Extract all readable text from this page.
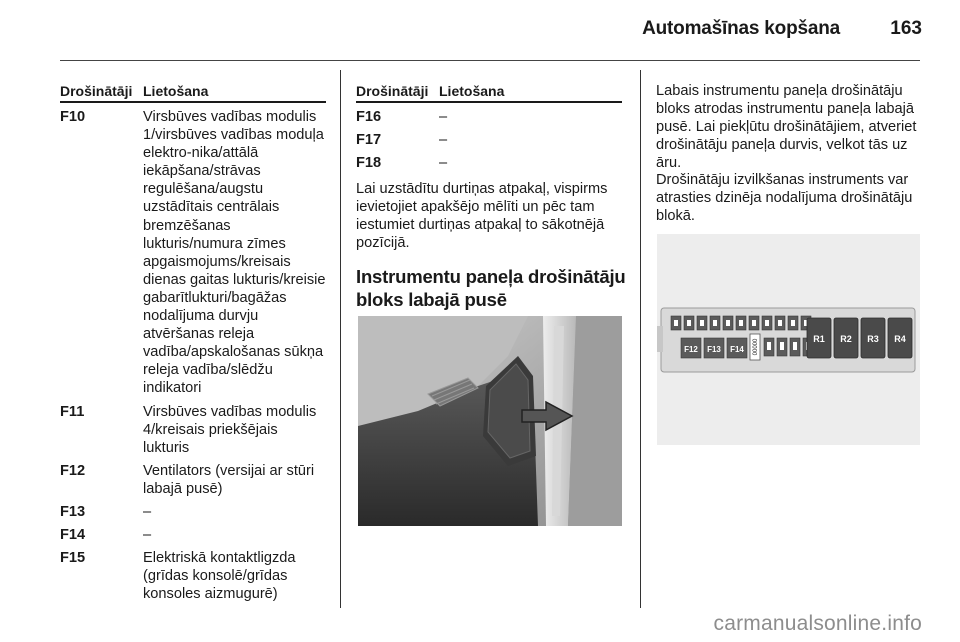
Automašīnas kopšana	163
Drošinātāji Lietošana
F10	Virsbūves vadības modulis 1/virsbūves vadības moduļa elektro-nika/attālā iekāpšana/strāvas regulēšana/augstu uzstādītais centrālais bremzēšanas lukturis/numura zīmes apgaismojums/kreisais dienas gaitas lukturis/kreisie gabarītlukturi/bagāžas nodalījuma durvju atvēršanas releja vadība/apskalošanas sūkņa releja vadība/slēdžu indikatori
F11	Virsbūves vadības modulis 4/kreisais priekšējais lukturis
F12	Ventilators (versijai ar stūri labajā pusē)
F13	–
F14	–
F15	Elektriskā kontaktligzda (grīdas konsolē/grīdas konsoles aizmugurē)
Drošinātāji Lietošana
F16	–
F17	–
F18	–

Lai uzstādītu durtiņas atpakaļ, vispirms ievietojiet apakšējo mēlīti un pēc tam iestumiet durtiņas atpakaļ to sākotnējā pozīcijā.

Instrumentu paneļa drošinātāju bloks labajā pusē

Labais instrumentu paneļa drošinātāju bloks atrodas instrumentu paneļa labajā pusē. Lai piekļūtu drošinātājiem, atveriet drošinātāju paneļa durvis, velkot tās uz āru.

Drošinātāju izvilkšanas instruments var atrasties dzinēja nodalījuma drošinātāju blokā.

F12 F13 F14 00000	R1 R2 R3 R4
carmanualsonline.info
